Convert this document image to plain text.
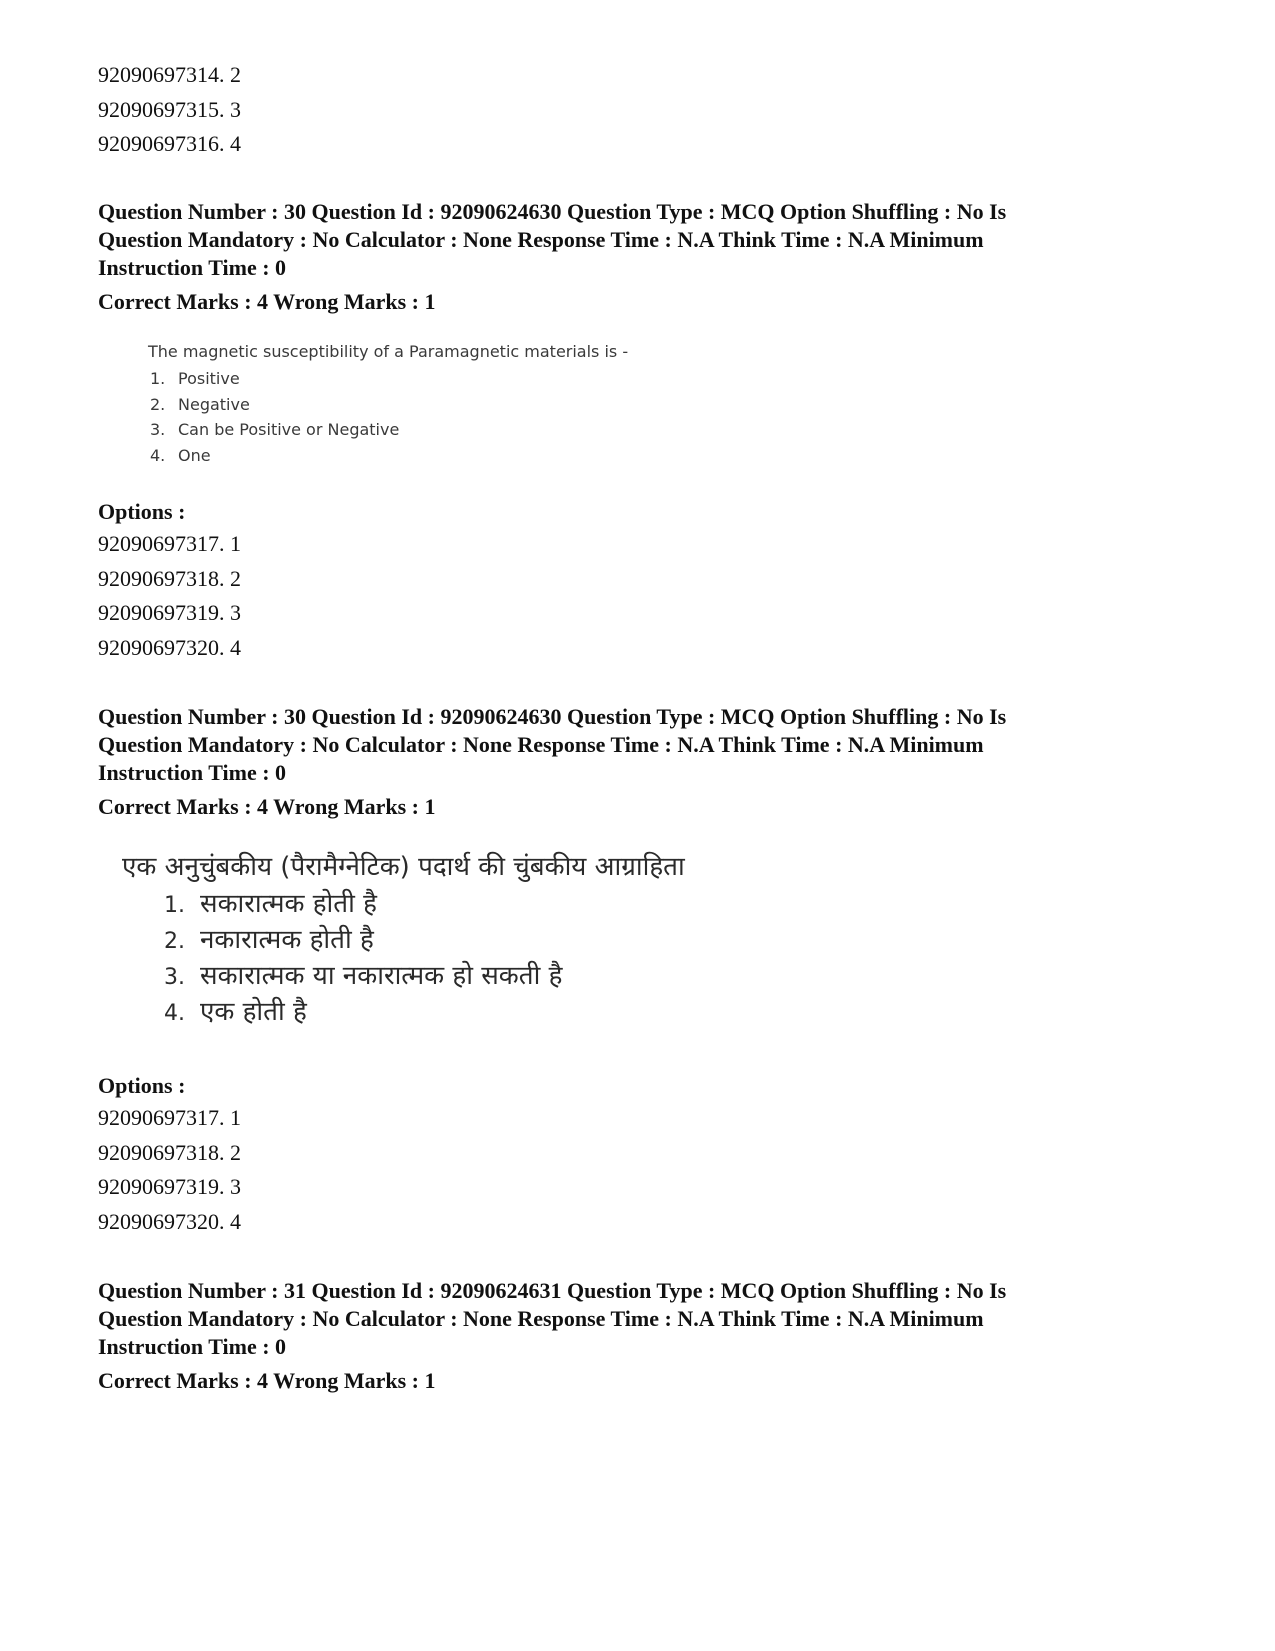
92090697314. 2
92090697315. 3
92090697316. 4
Question Number : 30 Question Id : 92090624630 Question Type : MCQ Option Shuffling : No Is
Question Mandatory : No Calculator : None Response Time : N.A Think Time : N.A Minimum
Instruction Time : 0
Correct Marks : 4 Wrong Marks : 1
The magnetic susceptibility of a Paramagnetic materials is -
1. Positive
2. Negative
3. Can be Positive or Negative
4. One
Options :
92090697317. 1
92090697318. 2
92090697319. 3
92090697320. 4
Question Number : 30 Question Id : 92090624630 Question Type : MCQ Option Shuffling : No Is
Question Mandatory : No Calculator : None Response Time : N.A Think Time : N.A Minimum
Instruction Time : 0
Correct Marks : 4 Wrong Marks : 1
एक अनुचुंबकीय (पैरामैग्नेटिक) पदार्थ की चुंबकीय आग्राहिता
1. सकारात्मक होती है
2. नकारात्मक होती है
3. सकारात्मक या नकारात्मक हो सकती है
4. एक होती है
Options :
92090697317. 1
92090697318. 2
92090697319. 3
92090697320. 4
Question Number : 31 Question Id : 92090624631 Question Type : MCQ Option Shuffling : No Is
Question Mandatory : No Calculator : None Response Time : N.A Think Time : N.A Minimum
Instruction Time : 0
Correct Marks : 4 Wrong Marks : 1
